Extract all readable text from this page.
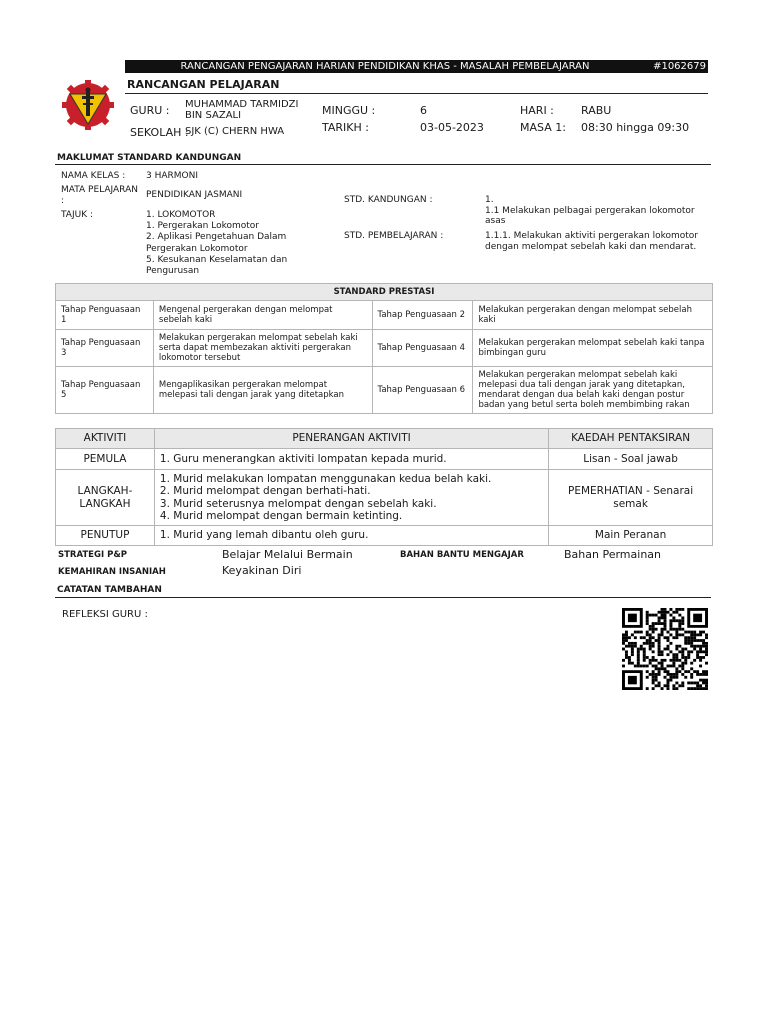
RANCANGAN PENGAJARAN HARIAN PENDIDIKAN KHAS - MASALAH PEMBELAJARAN	#1062679
RANCANGAN PELAJARAN
GURU : MUHAMMAD TARMIDZI BIN SAZALI
SEKOLAH :
SJK (C) CHERN HWA
MINGGU :	6
TARIKH :	03-05-2023
HARI : RABU
MASA 1: 08:30 hingga 09:30
MAKLUMAT STANDARD KANDUNGAN
NAMA KELAS : 3 HARMONI
MATA PELAJARAN :
PENDIDIKAN JASMANI
TAJUK :	1. LOKOMOTOR
1. Pergerakan Lokomotor
2. Aplikasi Pengetahuan Dalam Pergerakan Lokomotor
5. Kesukanan Keselamatan dan Pengurusan
STD. KANDUNGAN :	1.
1.1 Melakukan pelbagai pergerakan lokomotor asas
STD. PEMBELAJARAN :	1.1.1. Melakukan aktiviti pergerakan lokomotor dengan melompat sebelah kaki dan mendarat.
STANDARD PRESTASI			
Tahap Penguasaan 1	Mengenal pergerakan dengan melompat sebelah kaki	Tahap Penguasaan 2	Melakukan pergerakan dengan melompat sebelah kaki
Tahap Penguasaan 3	Melakukan pergerakan melompat sebelah kaki serta dapat membezakan aktiviti pergerakan lokomotor tersebut	Tahap Penguasaan 4	Melakukan pergerakan melompat sebelah kaki tanpa bimbingan guru
Tahap Penguasaan 5	Mengaplikasikan pergerakan melompat melepasi tali dengan jarak yang ditetapkan	Tahap Penguasaan 6	Melakukan pergerakan melompat sebelah kaki melepasi dua tali dengan jarak yang ditetapkan, mendarat dengan dua belah kaki dengan postur badan yang betul serta boleh membimbing rakan
AKTIVITI	PENERANGAN AKTIVITI	KAEDAH PENTAKSIRAN
PEMULA	1. Guru menerangkan aktiviti lompatan kepada murid.	Lisan - Soal jawab
LANGKAH-LANGKAH	1. Murid melakukan lompatan menggunakan kedua belah kaki.
2. Murid melompat dengan berhati-hati.
3. Murid seterusnya melompat dengan sebelah kaki.
4. Murid melompat dengan bermain ketinting.	PEMERHATIAN - Senarai semak
PENUTUP	1. Murid yang lemah dibantu oleh guru.	Main Peranan
STRATEGI P&P	Belajar Melalui Bermain	BAHAN BANTU MENGAJAR	Bahan Permainan
KEMAHIRAN INSANIAH	Keyakinan Diri
CATATAN TAMBAHAN
REFLEKSI GURU :
